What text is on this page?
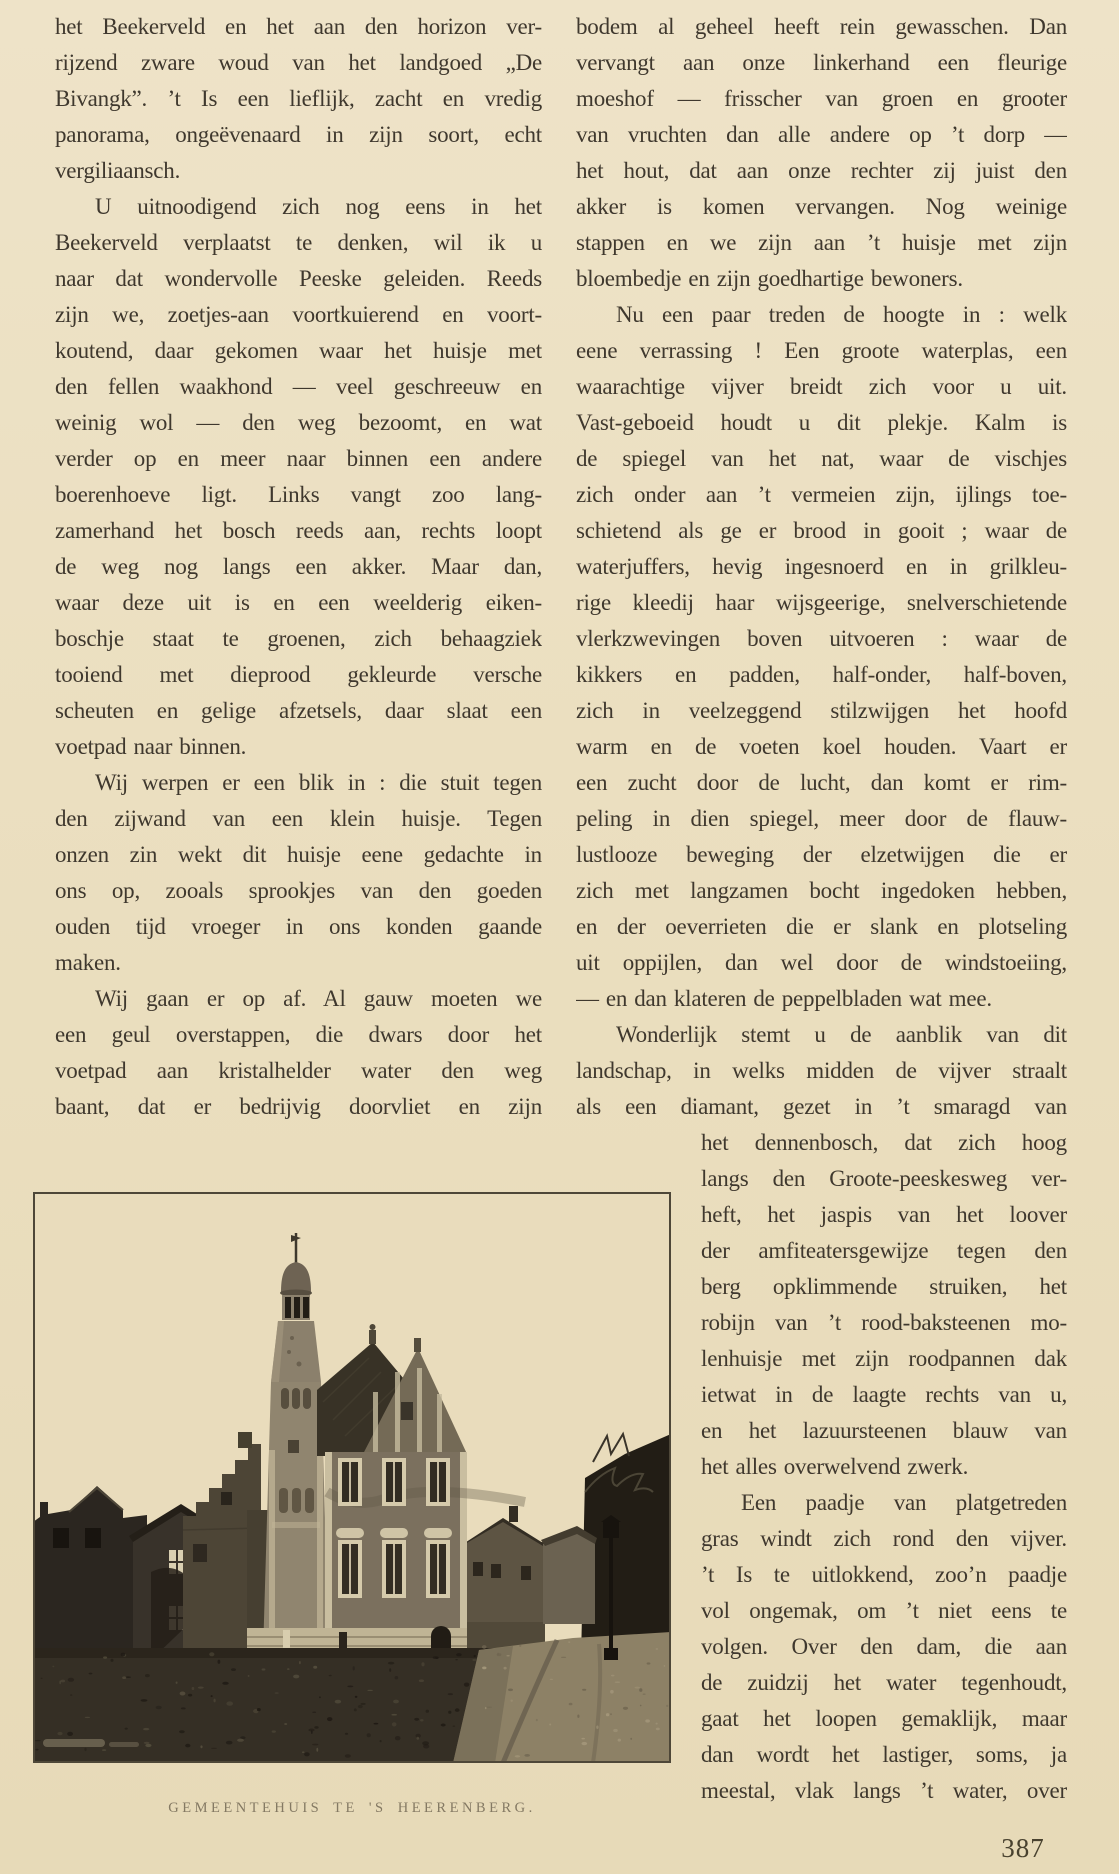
het Beekerveld en het aan den horizon ver-
rijzend zware woud van het landgoed „De
Bivangk”. ’t Is een lieflijk, zacht en vredig
panorama, ongeëvenaard in zijn soort, echt
vergiliaansch.
U uitnoodigend zich nog eens in het
Beekerveld verplaatst te denken, wil ik u
naar dat wondervolle Peeske geleiden. Reeds
zijn we, zoetjes-aan voortkuierend en voort-
koutend, daar gekomen waar het huisje met
den fellen waakhond — veel geschreeuw en
weinig wol — den weg bezoomt, en wat
verder op en meer naar binnen een andere
boerenhoeve ligt. Links vangt zoo lang-
zamerhand het bosch reeds aan, rechts loopt
de weg nog langs een akker. Maar dan,
waar deze uit is en een weelderig eiken-
boschje staat te groenen, zich behaagziek
tooiend met dieprood gekleurde versche
scheuten en gelige afzetsels, daar slaat een
voetpad naar binnen.
Wij werpen er een blik in : die stuit tegen
den zijwand van een klein huisje. Tegen
onzen zin wekt dit huisje eene gedachte in
ons op, zooals sprookjes van den goeden
ouden tijd vroeger in ons konden gaande
maken.
Wij gaan er op af. Al gauw moeten we
een geul overstappen, die dwars door het
voetpad aan kristalhelder water den weg
baant, dat er bedrijvig doorvliet en zijn
bodem al geheel heeft rein gewasschen. Dan
vervangt aan onze linkerhand een fleurige
moeshof — frisscher van groen en grooter
van vruchten dan alle andere op ’t dorp —
het hout, dat aan onze rechter zij juist den
akker is komen vervangen. Nog weinige
stappen en we zijn aan ’t huisje met zijn
bloembedje en zijn goedhartige bewoners.
Nu een paar treden de hoogte in : welk
eene verrassing ! Een groote waterplas, een
waarachtige vijver breidt zich voor u uit.
Vast-geboeid houdt u dit plekje. Kalm is
de spiegel van het nat, waar de vischjes
zich onder aan ’t vermeien zijn, ijlings toe-
schietend als ge er brood in gooit ; waar de
waterjuffers, hevig ingesnoerd en in grilkleu-
rige kleedij haar wijsgeerige, snelverschietende
vlerkzwevingen boven uitvoeren : waar de
kikkers en padden, half-onder, half-boven,
zich in veelzeggend stilzwijgen het hoofd
warm en de voeten koel houden. Vaart er
een zucht door de lucht, dan komt er rim-
peling in dien spiegel, meer door de flauw-
lustlooze beweging der elzetwijgen die er
zich met langzamen bocht ingedoken hebben,
en der oeverrieten die er slank en plotseling
uit oppijlen, dan wel door de windstoeiing,
— en dan klateren de peppelbladen wat mee.
Wonderlijk stemt u de aanblik van dit
landschap, in welks midden de vijver straalt
als een diamant, gezet in ’t smaragd van
het dennenbosch, dat zich hoog
langs den Groote-peeskesweg ver-
heft, het jaspis van het loover
der amfiteatersgewijze tegen den
berg opklimmende struiken, het
robijn van ’t rood-baksteenen mo-
lenhuisje met zijn roodpannen dak
ietwat in de laagte rechts van u,
en het lazuursteenen blauw van
het alles overwelvend zwerk.
Een paadje van platgetreden
gras windt zich rond den vijver.
’t Is te uitlokkend, zoo’n paadje
vol ongemak, om ’t niet eens te
volgen. Over den dam, die aan
de zuidzij het water tegenhoudt,
gaat het loopen gemaklijk, maar
dan wordt het lastiger, soms, ja
meestal, vlak langs ’t water, over
GEMEENTEHUIS TE 'S HEERENBERG.
387
